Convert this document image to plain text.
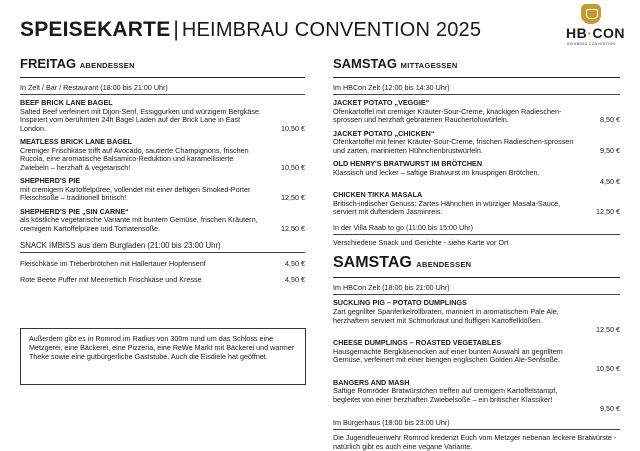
SPEISEKARTE | HEIMBRAU CONVENTION 2025	HB·CON
HEIMBRAU CONVENTION
FREITAG ABENDESSEN
In Zelt / Bar / Restaurant (18:00 bis 21:00 Uhr)
BEEF BRICK LANE BAGEL
Salted Beef verfeinert mit Dijon-Senf, Essiggurken und würzigem Bergkäse. Inspiriert vom berühmten 24h Bagel Laden auf der Brick Lane in East London.	10,50 €
MEATLESS BRICK LANE BAGEL
Cremiger Frischkäse trifft auf Avocado, sautierte Champignons, frischen Rucola, eine aromatische Balsamico-Reduktion und karamellisierte Zwiebeln – herzhaft & vegetarisch!	10,50 €
SHEPHERD'S PIE
mit cremigem Kartoffelpüree, vollendet mit einer deftigen Smoked-Porter Fleischsoße – traditionell britisch!	12,50 €
SHEPHERD'S PIE „SIN CARNE“
als köstliche vegetarische Variante mit buntem Gemüse, frischen Kräutern, cremigem Kartoffelpüree und Tomatensoße.	12,50 €
SNACK IMBISS aus dem Burgladen (21:00 bis 23:00 Uhr)
Fleischkäse im Treberbrötchen mit Hallertauer Hopfensenf	4,50 €
Rote Beete Puffer mit Meerrettich Frischkäse und Kresse	4,50 €
Außerdem gibt es in Romrod im Radius von 300m rund um das Schloss eine Metzgerei, eine Bäckerei, eine Pizzeria, eine ReWe Markt mit Bäckerei und warmer Theke sowie eine gutbürgerliche Gaststube. Auch die Eisdiele hat geöffnet.
SAMSTAG MITTAGESSEN
Im HBCon Zelt (12:00 bis 14:30 Uhr)
JACKET POTATO „VEGGIE“
Ofenkartoffel mit cremiger Kräuter-Sour-Creme, knackigen Radieschen-sprossen und herzhaft gebratenen Rauchertofuwürfeln.	8,50 €
JACKET POTATO „CHICKEN“
Ofenkartoffel mit feiner Kräuter-Sour-Creme, frischen Radieschen-sprossen und zarten, marinierten Hühnchenbrustwürfeln.	9,50 €
OLD HENRY'S BRATWURST IM BRÖTCHEN
Klassisch und lecker – saftige Bratwurst im knusprigen Brötchen.
4,50 €
CHICKEN TIKKA MASALA
Britisch-indischer Genuss: Zartes Hähnchen in würziger Masala-Sauce, serviert mit duftendem Jasminreis.	12,50 €
In der Villa Raab to go (11:00 bis 15:00 Uhr)
Verschiedene Snack und Gerichte - siehe Karte vor Ort
SAMSTAG ABENDESSEN
Im HBCon Zelt (18:00 bis 21:00 Uhr)
SUCKLING PIG – POTATO DUMPLINGS
Zart gegrillter Spanferkelrollbraten, mariniert in aromatischem Pale Ale, herzhaftem serviert mit Schmorkraut und fluffigen Kartoffelklößen.
12,50 €
CHEESE DUMPLINGS – ROASTED VEGETABLES
Hausgemachte Bergkäsenocken auf einer bunten Auswahl an gegrilltem Gemüse, verfeinert mit einer bierigen englischen Golden Ale-Senfsoße.
10,50 €
BANGERS AND MASH
Saftige Romröder Bratwürstchen treffen auf cremigem Kartoffelstampf, begleitet von einer herzhaften Zwiebelsoße – ein britischer Klassiker!
9,50 €
Im Bürgerhaus (18:00 bis 23:00 Uhr)
Die Jugendfeuerwehr Romrod kredenzt Euch vom Metzger nebenan leckere Bratwürste - natürlich gibt es auch eine vegane Variante.
